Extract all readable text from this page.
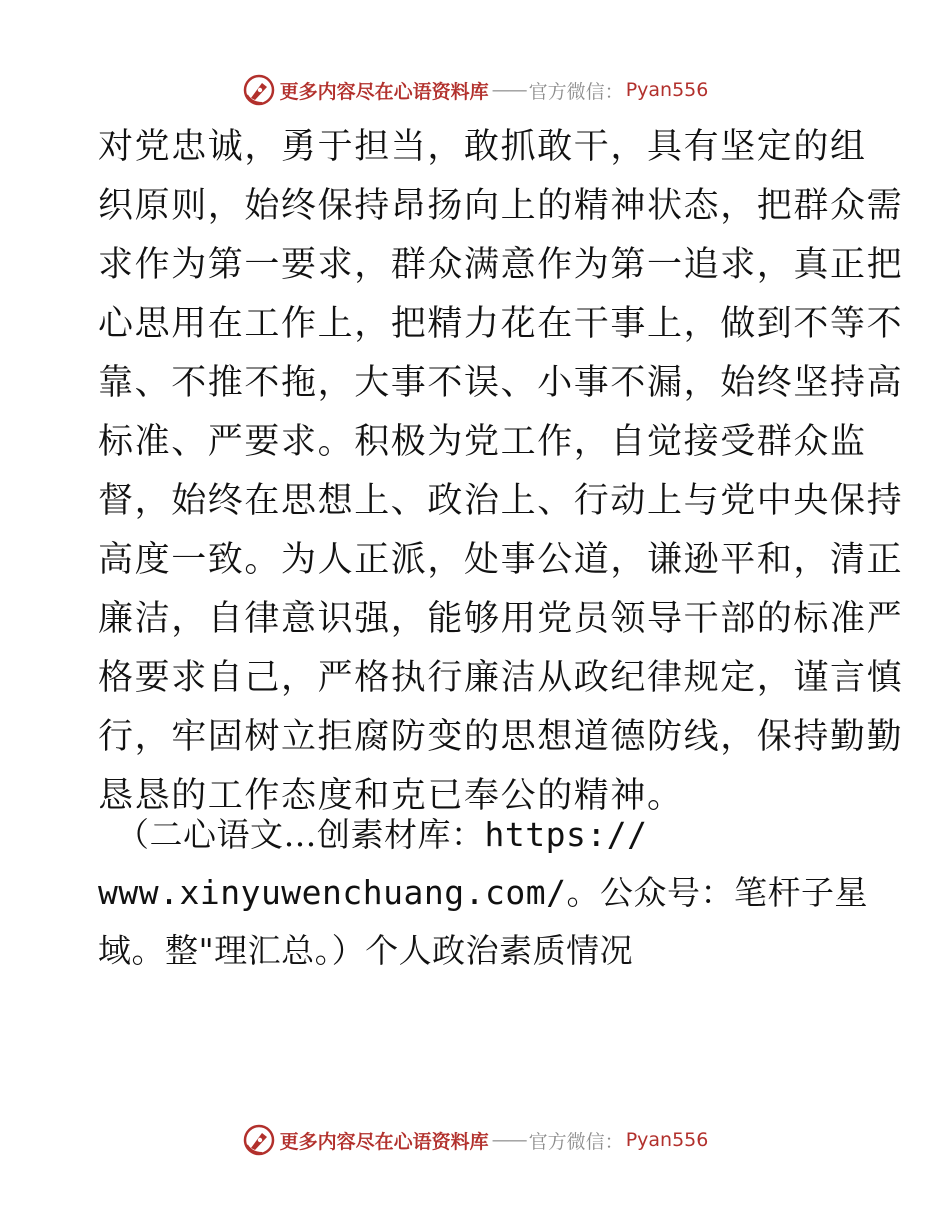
更多内容尽在心语资料库 —— 官方微信： Pyan556
对党忠诚，勇于担当，敢抓敢干，具有坚定的组
织原则，始终保持昂扬向上的精神状态，把群众需
求作为第一要求，群众满意作为第一追求，真正把
心思用在工作上，把精力花在干事上，做到不等不
靠、不推不拖，大事不误、小事不漏，始终坚持高
标准、严要求。积极为党工作，自觉接受群众监
督，始终在思想上、政治上、行动上与党中央保持
高度一致。为人正派，处事公道，谦逊平和，清正
廉洁，自律意识强，能够用党员领导干部的标准严
格要求自己，严格执行廉洁从政纪律规定，谨言慎
行，牢固树立拒腐防变的思想道德防线，保持勤勤
恳恳的工作态度和克已奉公的精神。
（二心语文…创素材库：https://
www.xinyuwenchuang.com/。公众号：笔杆子星
域。整"理汇总。）个人政治素质情况
更多内容尽在心语资料库 —— 官方微信： Pyan556
